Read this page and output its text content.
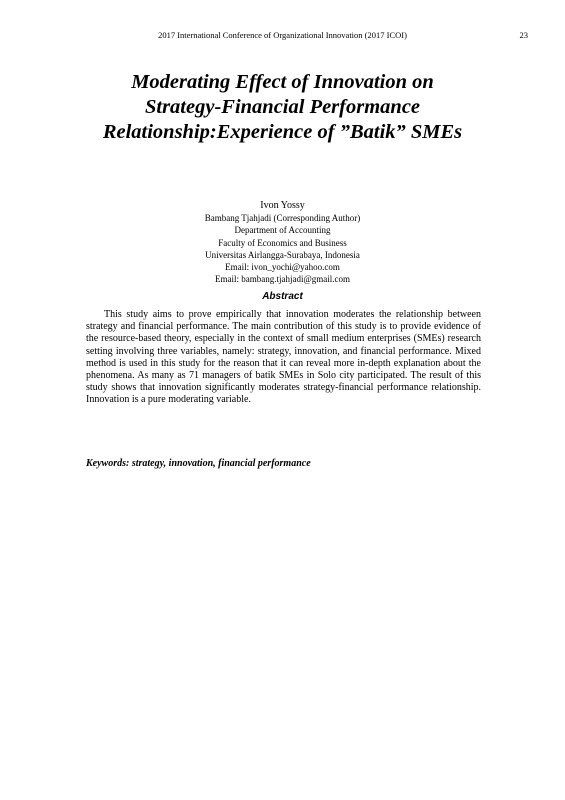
2017 International Conference of Organizational Innovation (2017 ICOI)	23
Moderating Effect of Innovation on Strategy-Financial Performance Relationship:Experience of ”Batik” SMEs
Ivon Yossy
Bambang Tjahjadi (Corresponding Author)
Department of Accounting
Faculty of Economics and Business
Universitas Airlangga-Surabaya, Indonesia
Email: ivon_yochi@yahoo.com
Email: bambang.tjahjadi@gmail.com
Abstract

This study aims to prove empirically that innovation moderates the relationship between strategy and financial performance. The main contribution of this study is to provide evidence of the resource-based theory, especially in the context of small medium enterprises (SMEs) research setting involving three variables, namely: strategy, innovation, and financial performance. Mixed method is used in this study for the reason that it can reveal more in-depth explanation about the phenomena. As many as 71 managers of batik SMEs in Solo city participated. The result of this study shows that innovation significantly moderates strategy-financial performance relationship. Innovation is a pure moderating variable.

Keywords: strategy, innovation, financial performance
